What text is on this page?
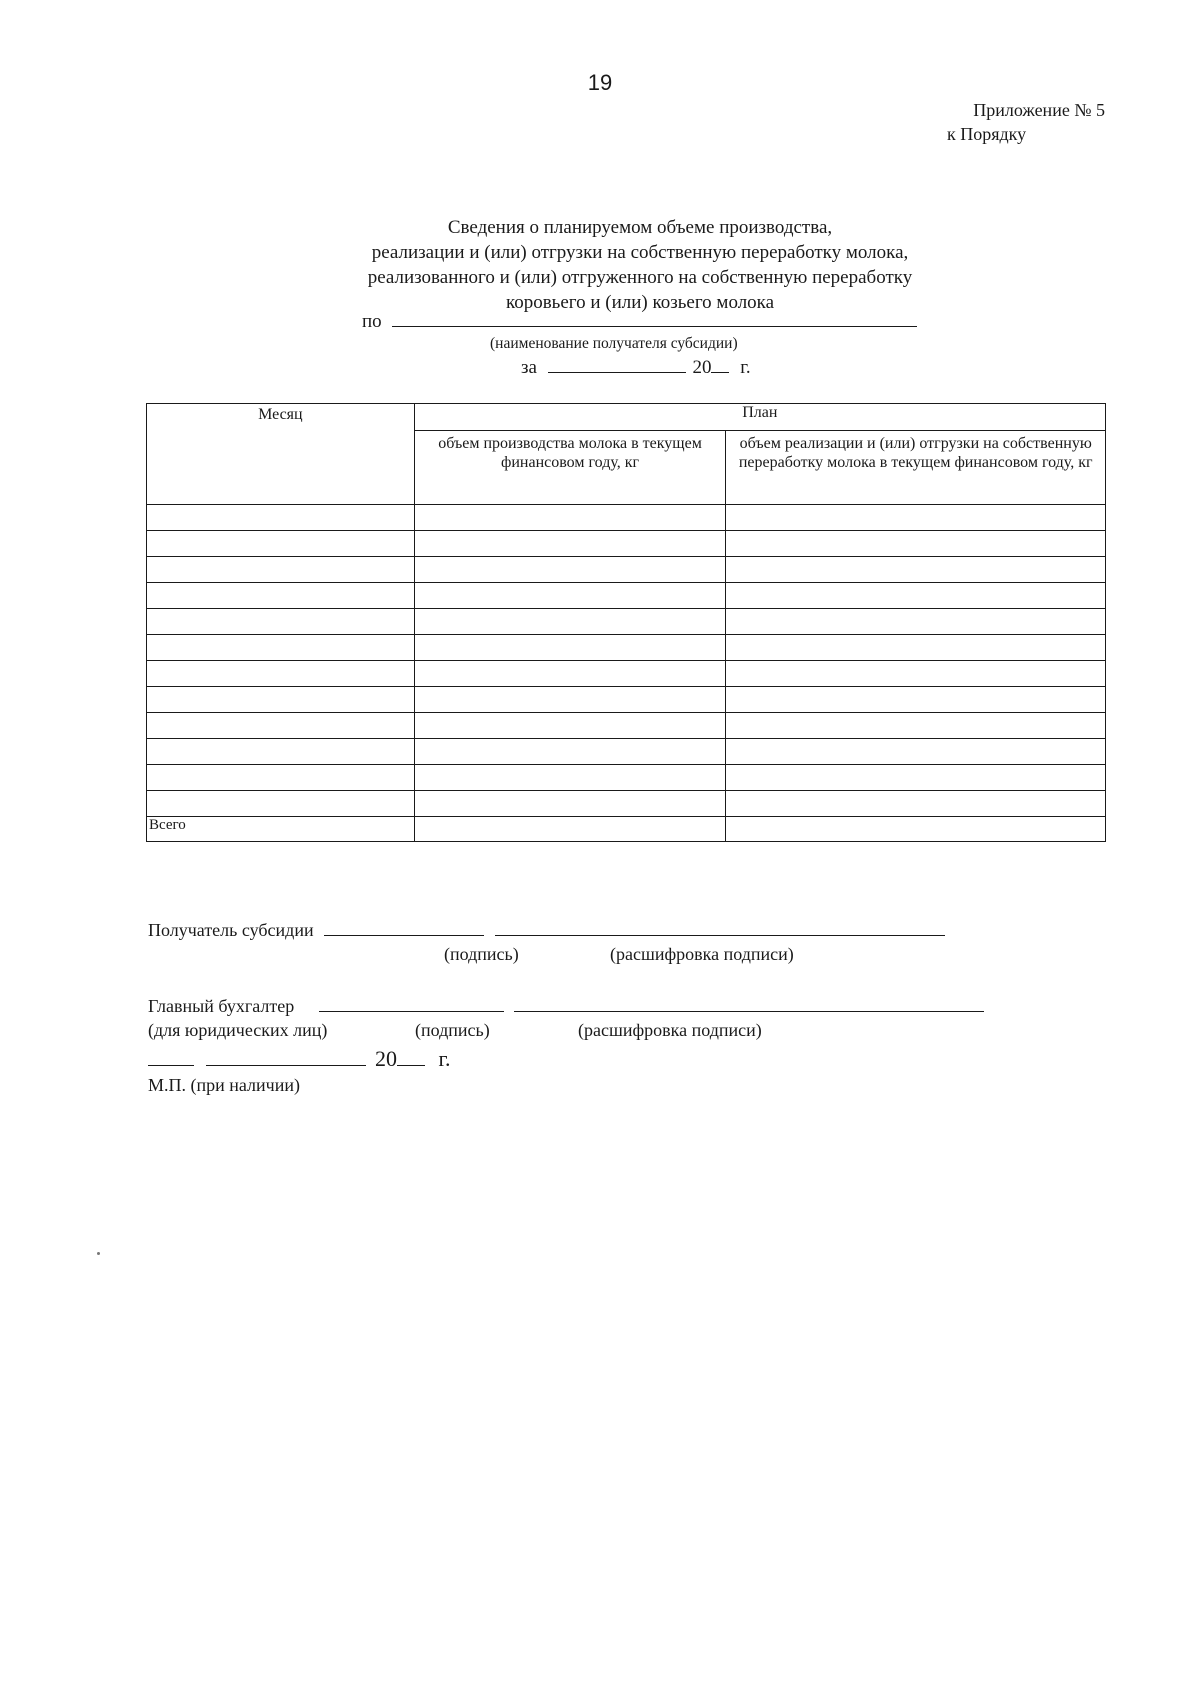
19
Приложение № 5
к Порядку
Сведения о планируемом объеме производства,
реализации и (или) отгрузки на собственную переработку молока,
реализованного и (или) отгруженного на собственную переработку
коровьего и (или) козьего молока
по
(наименование получателя субсидии)
за	20 г.
Месяц	План	
	объем производства молока в текущем финансовом году, кг	объем реализации и (или) отгрузки на собственную переработку молока в текущем финансовом году, кг

Всего		
Получатель субсидии
(подпись)	(расшифровка подписи)
Главный бухгалтер
(для юридических лиц)	(подпись)	(расшифровка подписи)
20 г.
М.П. (при наличии)
